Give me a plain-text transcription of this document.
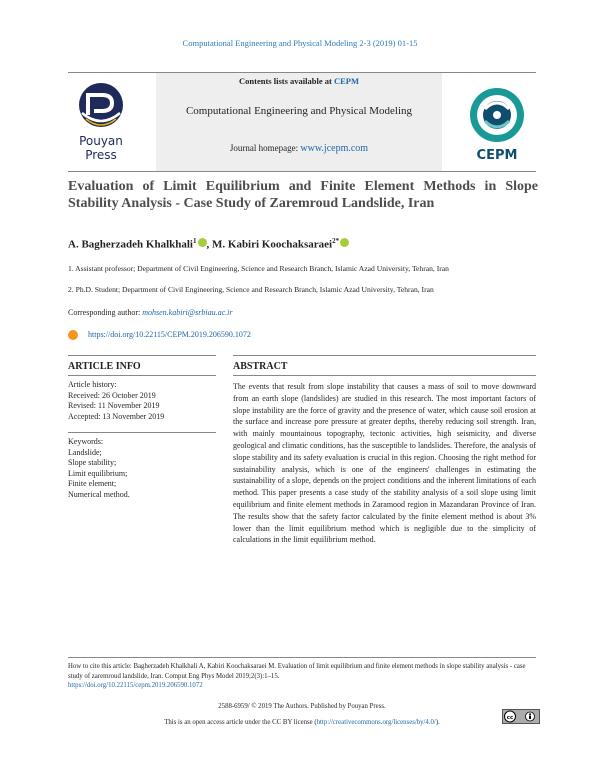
Computational Engineering and Physical Modeling 2-3 (2019) 01-15
Pouyan
Press
Contents lists available at CEPM
Computational Engineering and Physical Modeling
Journal homepage: www.jcepm.com	CEPM
Evaluation of Limit Equilibrium and Finite Element Methods in Slope Stability Analysis - Case Study of Zaremroud Landslide, Iran
A. Bagherzadeh Khalkhali$^1$ , M. Kabiri Koochaksaraei$^{2*}$
1. Assistant professor; Department of Civil Engineering, Science and Research Branch, Islamic Azad University, Tehran, Iran
2. Ph.D. Student; Department of Civil Engineering, Science and Research Branch, Islamic Azad University, Tehran, Iran
Corresponding author: mohsen.kabiri@srbiau.ac.ir
https://doi.org/10.22115/CEPM.2019.206590.1072
ARTICLE INFO
Article history:
Received: 26 October 2019
Revised: 11 November 2019
Accepted: 13 November 2019
Keywords:
Landslide;
Slope stability;
Limit equilibrium;
Finite element;
Numerical method.
ABSTRACT
The events that result from slope instability that causes a mass of soil to move downward from an earth slope (landslides) are studied in this research. The most important factors of slope instability are the force of gravity and the presence of water, which cause soil erosion at the surface and increase pore pressure at greater depths, thereby reducing soil strength. Iran, with mainly mountainous topography, tectonic activities, high seismicity, and diverse geological and climatic conditions, has the susceptible to landslides. Therefore, the analysis of slope stability and its safety evaluation is crucial in this region. Choosing the right method for sustainability analysis, which is one of the engineers' challenges in estimating the sustainability of a slope, depends on the project conditions and the inherent limitations of each method. This paper presents a case study of the stability analysis of a soil slope using limit equilibrium and finite element methods in Zaramood region in Mazandaran Province of Iran. The results show that the safety factor calculated by the finite element method is about 3% lower than the limit equilibrium method which is negligible due to the simplicity of calculations in the limit equilibrium method.
How to cite this article: Bagherzadeh Khalkhali A, Kabiri Koochaksaraei M. Evaluation of limit equilibrium and finite element methods in slope stability analysis - case study of zaremroud landslide, Iran. Comput Eng Phys Model 2019;2(3):1–15.
https://doi.org/10.22115/cepm.2019.206590.1072
2588-6959/ © 2019 The Authors. Published by Pouyan Press.
This is an open access article under the CC BY license (http://creativecommons.org/licenses/by/4.0/).
cc
